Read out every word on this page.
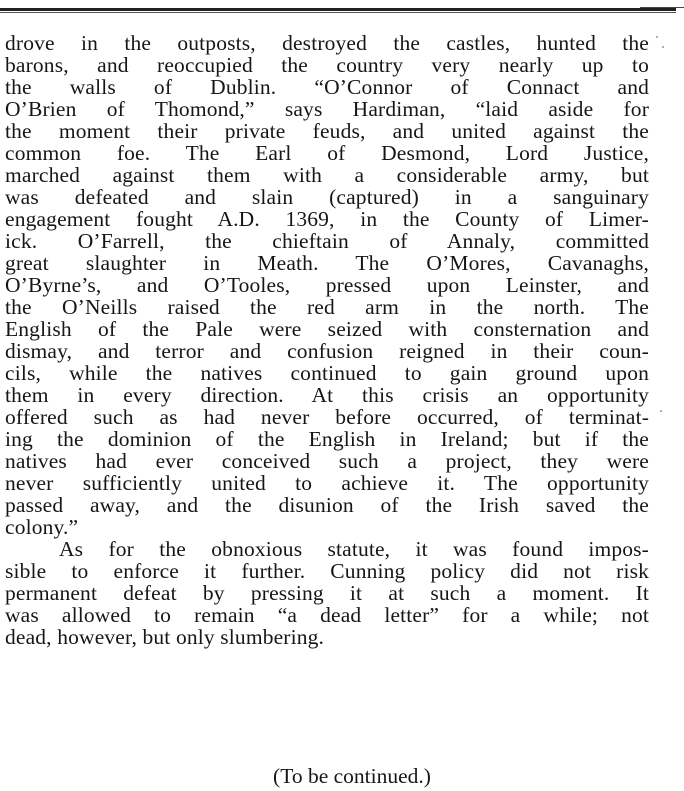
drove in the outposts, destroyed the castles, hunted the
barons, and reoccupied the country very nearly up to
the walls of Dublin. “O’Connor of Connact and
O’Brien of Thomond,” says Hardiman, “laid aside for
the moment their private feuds, and united against the
common foe. The Earl of Desmond, Lord Justice,
marched against them with a considerable army, but
was defeated and slain (captured) in a sanguinary
engagement fought A.D. 1369, in the County of Limer-
ick. O’Farrell, the chieftain of Annaly, committed
great slaughter in Meath. The O’Mores, Cavanaghs,
O’Byrne’s, and O’Tooles, pressed upon Leinster, and
the O’Neills raised the red arm in the north. The
English of the Pale were seized with consternation and
dismay, and terror and confusion reigned in their coun-
cils, while the natives continued to gain ground upon
them in every direction. At this crisis an opportunity
offered such as had never before occurred, of terminat-
ing the dominion of the English in Ireland; but if the
natives had ever conceived such a project, they were
never sufficiently united to achieve it. The opportunity
passed away, and the disunion of the Irish saved the
colony.”
As for the obnoxious statute, it was found impos-
sible to enforce it further. Cunning policy did not risk
permanent defeat by pressing it at such a moment. It
was allowed to remain “a dead letter” for a while; not
dead, however, but only slumbering.
(To be continued.)
